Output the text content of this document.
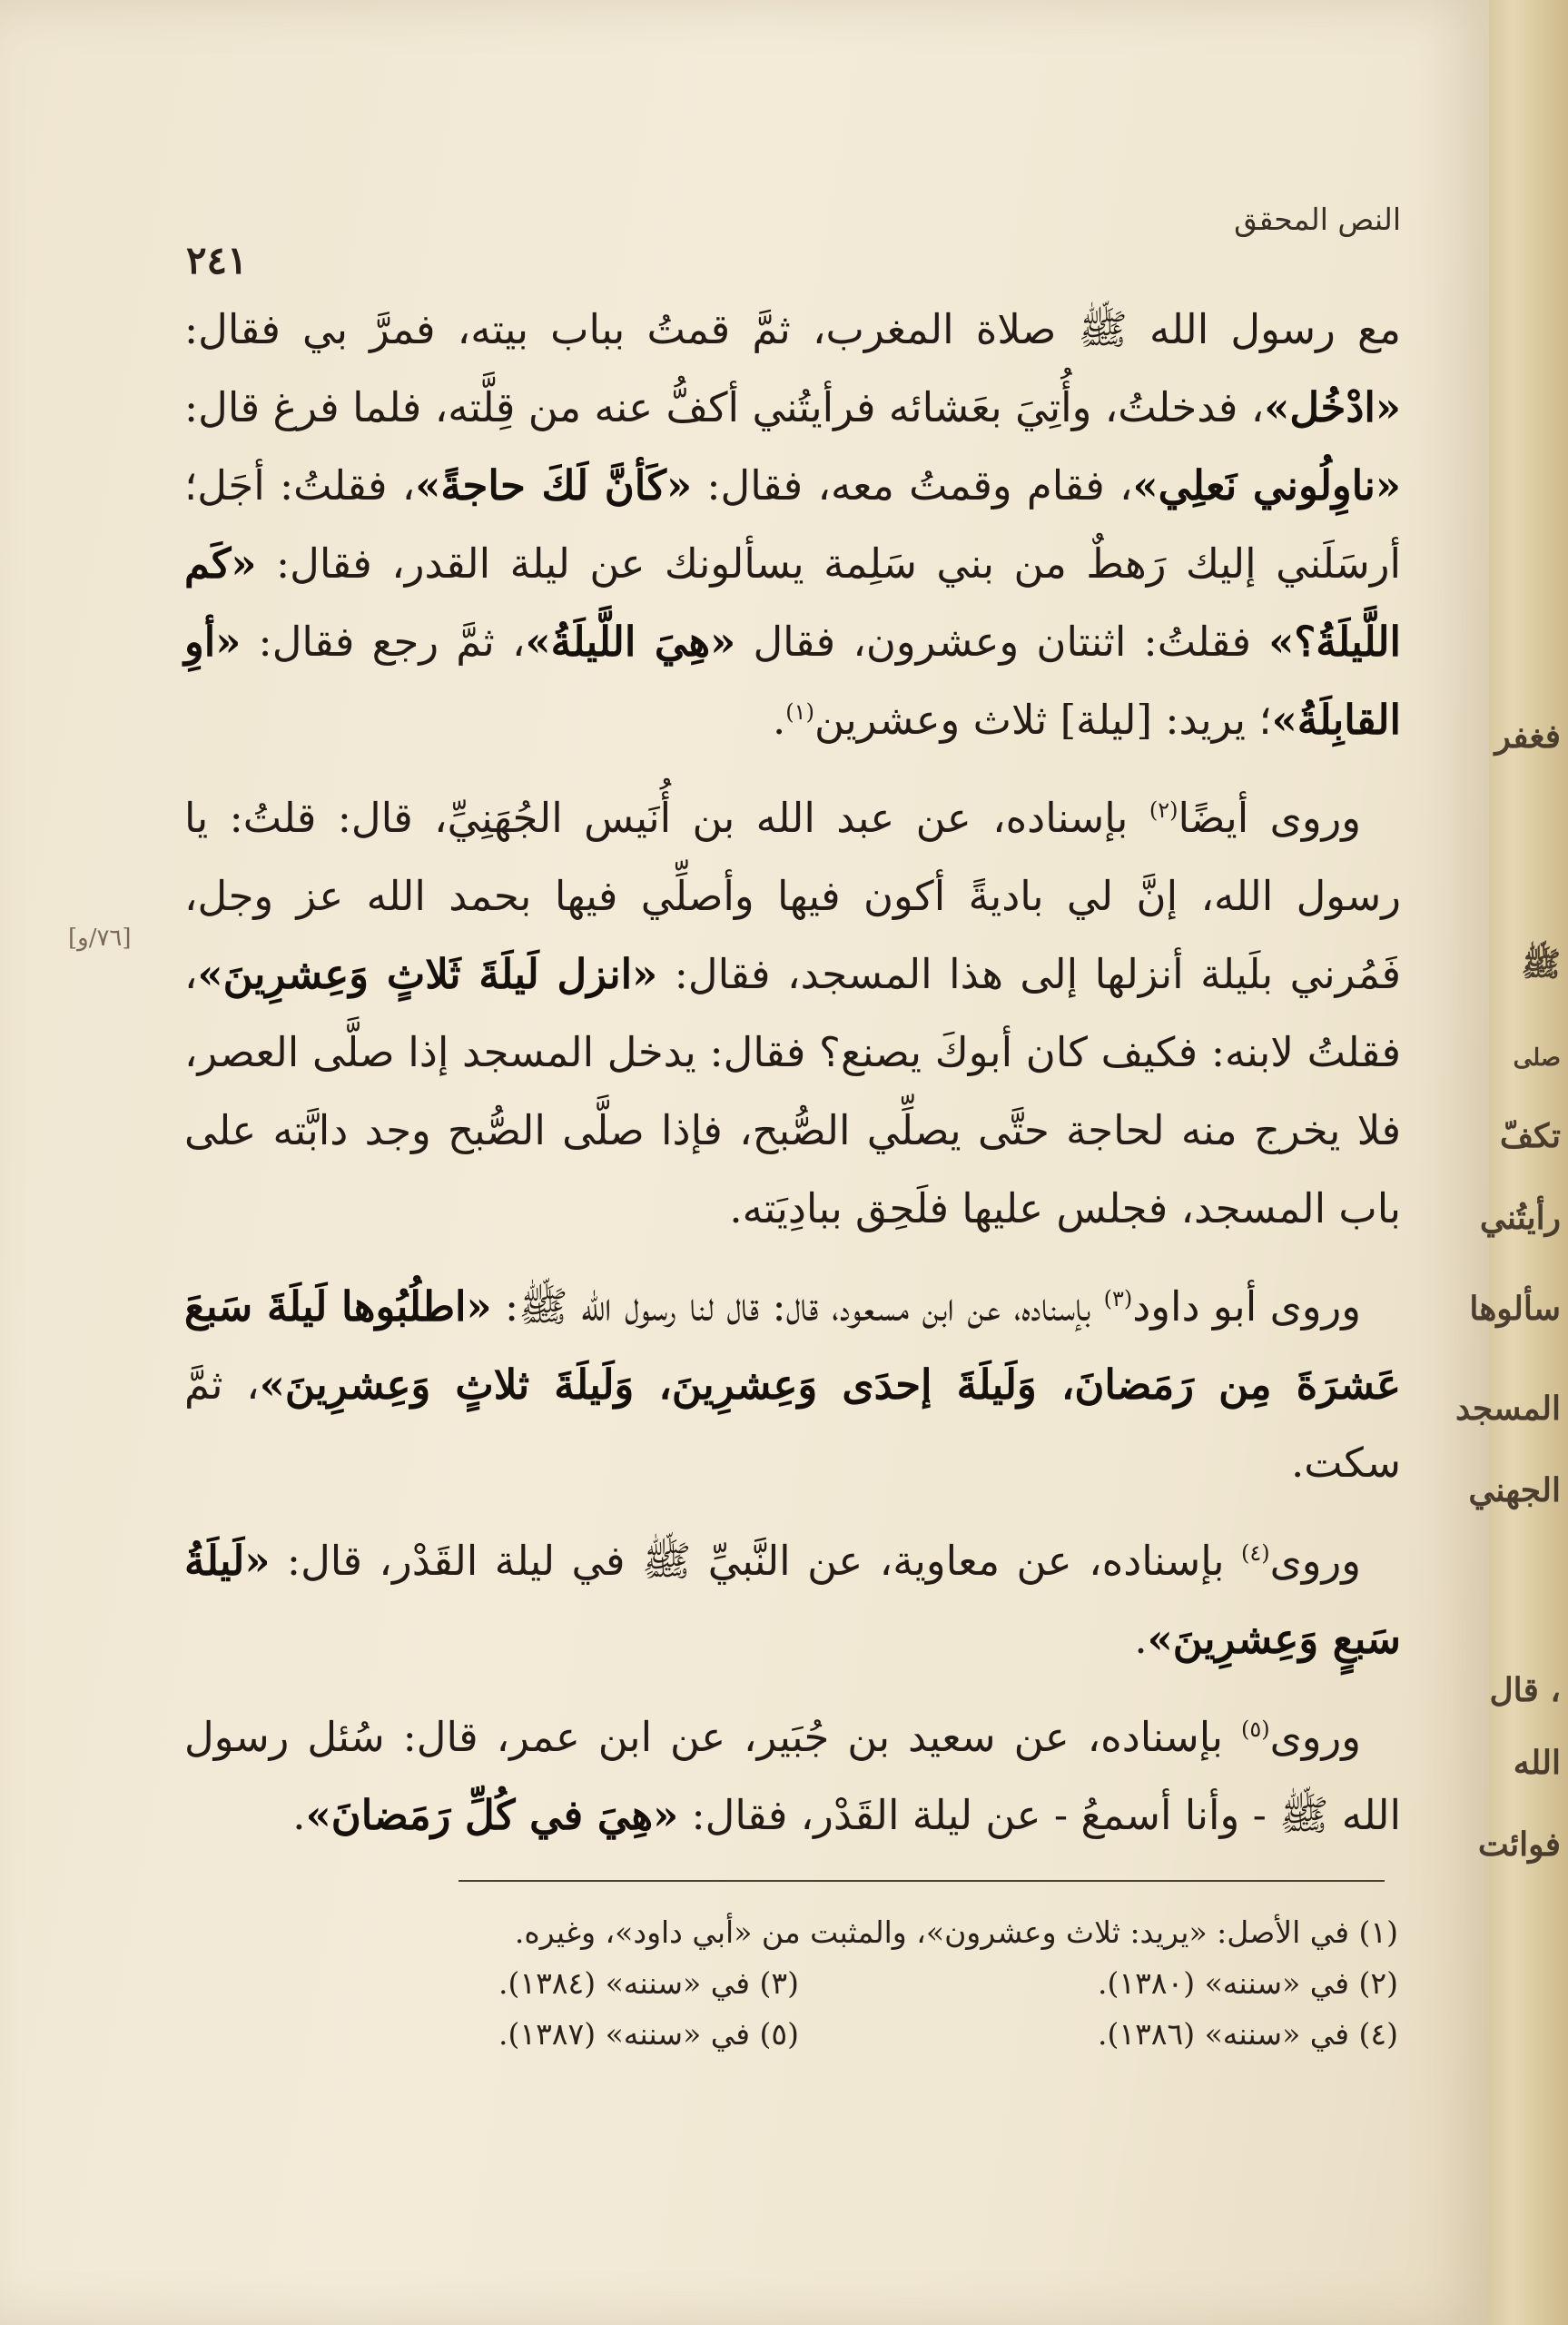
النص المحقق
٢٤١
[٧٦/و]

مع رسول الله ﷺ صلاة المغرب، ثمَّ قمتُ بباب بيته، فمرَّ بي فقال: «ادْخُل»، فدخلتُ، وأُتِيَ بعَشائه فرأيتُني أكفُّ عنه من قِلَّته، فلما فرغ قال: «ناوِلُوني نَعلِي»، فقام وقمتُ معه، فقال: «كَأنَّ لَكَ حاجةً»، فقلتُ: أجَل؛ أرسَلَني إليك رَهطٌ من بني سَلِمة يسألونك عن ليلة القدر، فقال: «كَم اللَّيلَةُ؟» فقلتُ: اثنتان وعشرون، فقال «هِيَ اللَّيلَةُ»، ثمَّ رجع فقال: «أوِ القابِلَةُ»؛ يريد: [ليلة] ثلاث وعشرين$^{(١)}$.

وروى أيضًا$^{(٢)}$ بإسناده، عن عبد الله بن أُنَيس الجُهَنِيِّ، قال: قلتُ: يا رسول الله، إنَّ لي باديةً أكون فيها وأصلِّي فيها بحمد الله عز وجل، فَمُرني بلَيلة أنزلها إلى هذا المسجد، فقال: «انزل لَيلَةَ ثَلاثٍ وَعِشرِينَ»، فقلتُ لابنه: فكيف كان أبوكَ يصنع؟ فقال: يدخل المسجد إذا صلَّى العصر، فلا يخرج منه لحاجة حتَّى يصلِّي الصُّبح، فإذا صلَّى الصُّبح وجد دابَّته على باب المسجد، فجلس عليها فلَحِق ببادِيَته.

وروى أبو داود$^{(٣)}$ بإسناده، عن ابن مسعود، قال: قال لنا رسول الله ﷺ: «اطلُبُوها لَيلَةَ سَبعَ عَشرَةَ مِن رَمَضانَ، وَلَيلَةَ إحدَى وَعِشرِينَ، وَلَيلَةَ ثلاثٍ وَعِشرِينَ»، ثمَّ سكت.

وروى$^{(٤)}$ بإسناده، عن معاوية، عن النَّبيِّ ﷺ في ليلة القَدْر، قال: «لَيلَةُ سَبعٍ وَعِشرِينَ».

وروى$^{(٥)}$ بإسناده، عن سعيد بن جُبَير، عن ابن عمر، قال: سُئل رسول الله ﷺ - وأنا أسمعُ - عن ليلة القَدْر، فقال: «هِيَ في كُلِّ رَمَضانَ».

(١) في الأصل: «يريد: ثلاث وعشرون»، والمثبت من «أبي داود»، وغيره.
(٢) في «سننه» (١٣٨٠).
(٣) في «سننه» (١٣٨٤).
(٤) في «سننه» (١٣٨٦).
(٥) في «سننه» (١٣٨٧).
فغفر
ﷺ
صلى
تكفّ
رأيتُني
سألوها
المسجد
الجهني
، قال
الله
فوائت
